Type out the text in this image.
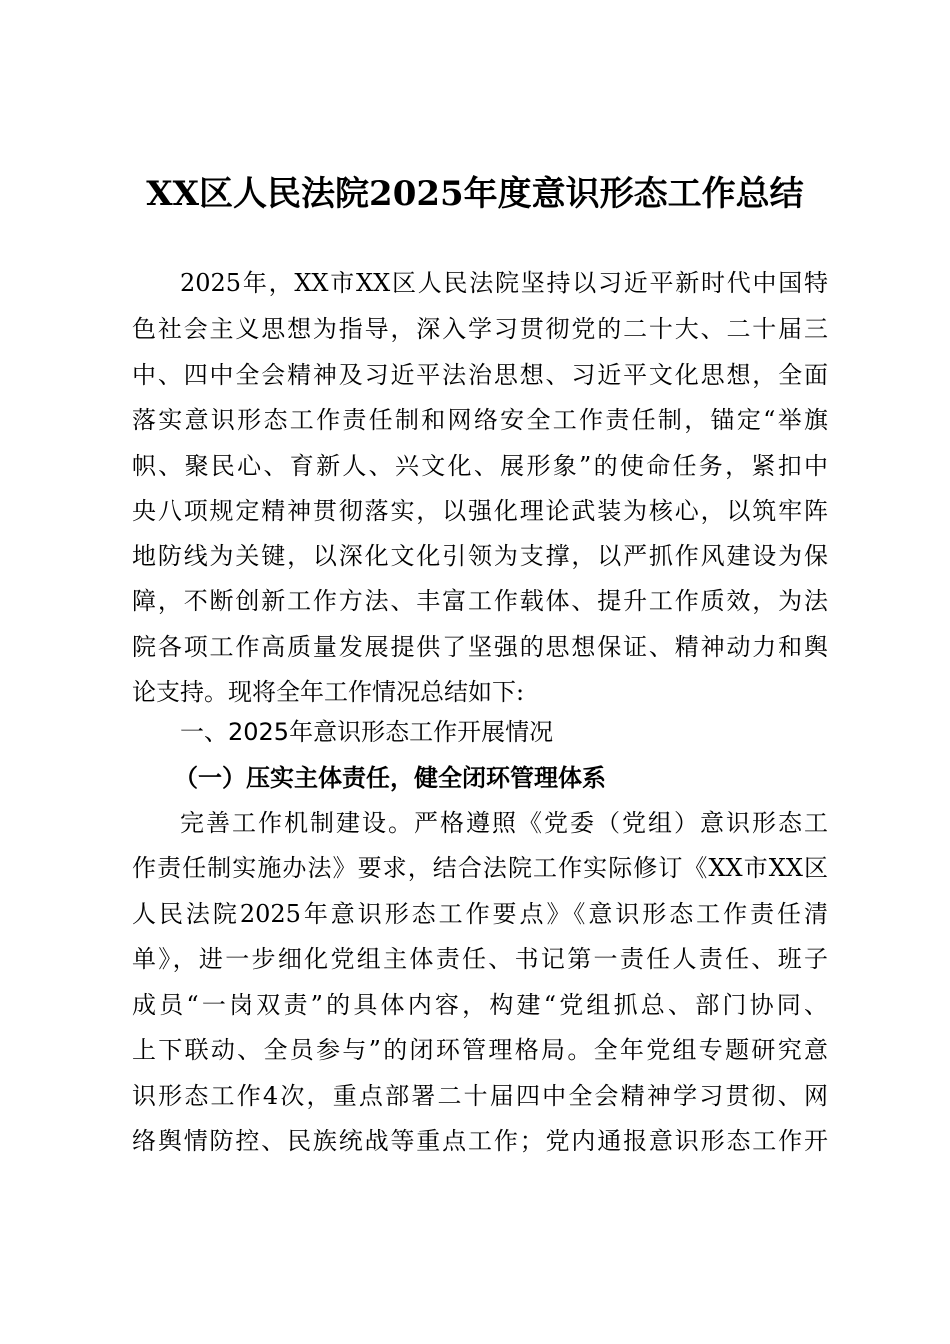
XX区人民法院2025年度意识形态工作总结
2025年，XX市XX区人民法院坚持以习近平新时代中国特
色社会主义思想为指导，深入学习贯彻党的二十大、二十届三
中、四中全会精神及习近平法治思想、习近平文化思想，全面
落实意识形态工作责任制和网络安全工作责任制，锚定“举旗
帜、聚民心、育新人、兴文化、展形象”的使命任务，紧扣中
央八项规定精神贯彻落实，以强化理论武装为核心，以筑牢阵
地防线为关键，以深化文化引领为支撑，以严抓作风建设为保
障，不断创新工作方法、丰富工作载体、提升工作质效，为法
院各项工作高质量发展提供了坚强的思想保证、精神动力和舆
论支持。现将全年工作情况总结如下:
一、2025年意识形态工作开展情况
（一）压实主体责任，健全闭环管理体系
完善工作机制建设。严格遵照《党委（党组）意识形态工
作责任制实施办法》要求，结合法院工作实际修订《XX市XX区
人民法院2025年意识形态工作要点》《意识形态工作责任清
单》，进一步细化党组主体责任、书记第一责任人责任、班子
成员“一岗双责”的具体内容，构建“党组抓总、部门协同、
上下联动、全员参与”的闭环管理格局。全年党组专题研究意
识形态工作4次，重点部署二十届四中全会精神学习贯彻、网
络舆情防控、民族统战等重点工作；党内通报意识形态工作开
